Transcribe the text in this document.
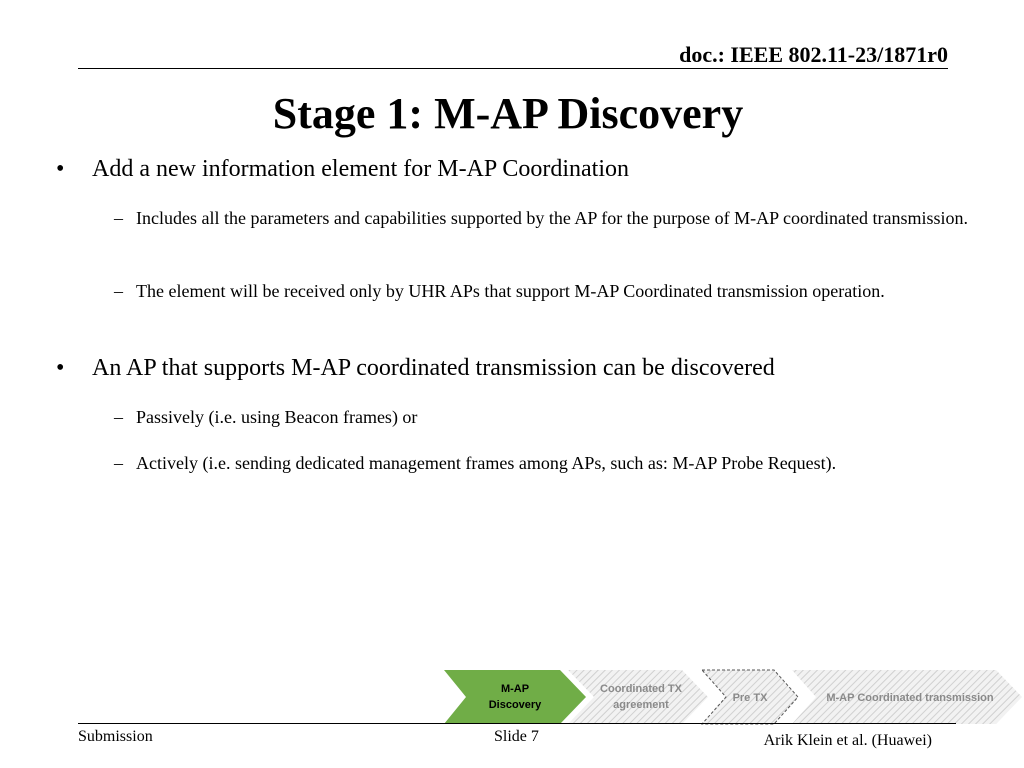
doc.: IEEE 802.11-23/1871r0
Stage 1: M-AP Discovery
• Add a new information element for M-AP Coordination
– Includes all the parameters and capabilities supported by the AP for the purpose of M-AP coordinated transmission.
– The element will be received only by UHR APs that support M-AP Coordinated transmission operation.
• An AP that supports M-AP coordinated transmission can be discovered
– Passively (i.e. using Beacon frames) or
– Actively (i.e. sending dedicated management frames among APs, such as: M-AP Probe Request).
M-AP
Discovery
Coordinated TX
agreement
Pre TX	M-AP Coordinated transmission
Submission	Slide 7	Arik Klein et al. (Huawei)
